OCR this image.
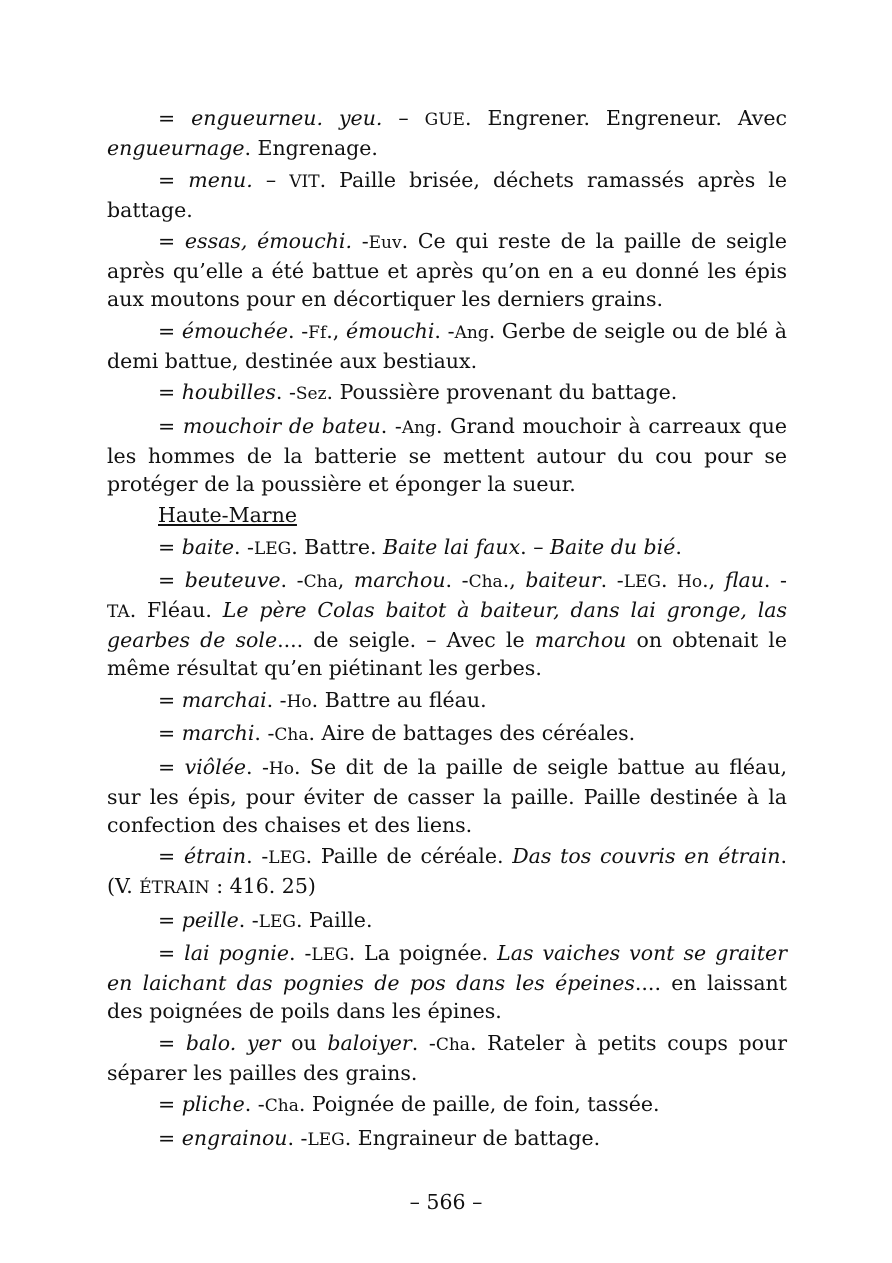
= engueurneu. yeu. – GUE. Engrener. Engreneur. Avec engueurnage. Engrenage.

= menu. – VIT. Paille brisée, déchets ramassés après le battage.

= essas, émouchi. -Euv. Ce qui reste de la paille de seigle après qu’elle a été battue et après qu’on en a eu donné les épis aux moutons pour en décortiquer les derniers grains.

= émouchée. -Ff., émouchi. -Ang. Gerbe de seigle ou de blé à demi battue, destinée aux bestiaux.

= houbilles. -Sez. Poussière provenant du battage.

= mouchoir de bateu. -Ang. Grand mouchoir à carreaux que les hommes de la batterie se mettent autour du cou pour se protéger de la poussière et éponger la sueur.

Haute-Marne

= baite. -LEG. Battre. Baite lai faux. – Baite du bié.

= beuteuve. -Cha, marchou. -Cha., baiteur. -LEG. Ho., flau. -TA. Fléau. Le père Colas baitot à baiteur, dans lai gronge, las gearbes de sole.... de seigle. – Avec le marchou on obtenait le même résultat qu’en piétinant les gerbes.

= marchai. -Ho. Battre au fléau.

= marchi. -Cha. Aire de battages des céréales.

= viôlée. -Ho. Se dit de la paille de seigle battue au fléau, sur les épis, pour éviter de casser la paille. Paille destinée à la confection des chaises et des liens.

= étrain. -LEG. Paille de céréale. Das tos couvris en étrain. (V. ÉTRAIN : 416. 25)

= peille. -LEG. Paille.

= lai pognie. -LEG. La poignée. Las vaiches vont se graiter en laichant das pognies de pos dans les épeines.... en laissant des poignées de poils dans les épines.

= balo. yer ou baloiyer. -Cha. Rateler à petits coups pour séparer les pailles des grains.

= pliche. -Cha. Poignée de paille, de foin, tassée.

= engrainou. -LEG. Engraineur de battage.

– 566 –
